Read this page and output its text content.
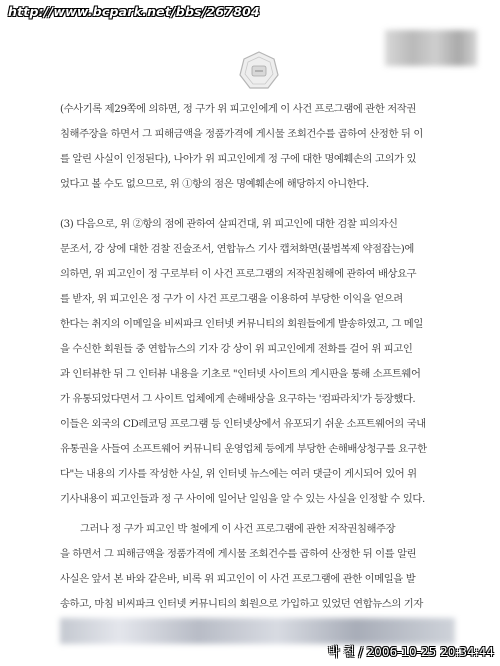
http://www.bcpark.net/bbs/267804
(수사기록 제29쪽에 의하면, 정 구가 위 피고인에게 이 사건 프로그램에 관한 저작권
침해주장을 하면서 그 피해금액을 정품가격에 게시물 조회건수를 곱하여 산정한 뒤 이
를 알린 사실이 인정된다), 나아가 위 피고인에게 정 구에 대한 명예훼손의 고의가 있
었다고 볼 수도 없으므로, 위 ①항의 점은 명예훼손에 해당하지 아니한다.
(3) 다음으로, 위 ②항의 점에 관하여 살피건대, 위 피고인에 대한 검찰 피의자신
문조서, 강 상에 대한 검찰 진술조서, 연합뉴스 기사 캡쳐화면(불법복제 약점잡는)에
의하면, 위 피고인이 정 구로부터 이 사건 프로그램의 저작권침해에 관하여 배상요구
를 받자, 위 피고인은 정 구가 이 사건 프로그램을 이용하여 부당한 이익을 얻으려
한다는 취지의 이메일을 비씨파크 인터넷 커뮤니티의 회원들에게 발송하였고, 그 메일
을 수신한 회원들 중 연합뉴스의 기자 강 상이 위 피고인에게 전화를 걸어 위 피고인
과 인터뷰한 뒤 그 인터뷰 내용을 기초로 "인터넷 사이트의 게시판을 통해 소프트웨어
가 유통되었다면서 그 사이트 업체에게 손해배상을 요구하는 '컴파라치'가 등장했다.
이들은 외국의 CD레코딩 프로그램 등 인터넷상에서 유포되기 쉬운 소프트웨어의 국내
유통권을 사들여 소프트웨어 커뮤니티 운영업체 등에게 부당한 손해배상청구를 요구한
다"는 내용의 기사를 작성한 사실, 위 인터넷 뉴스에는 여러 댓글이 게시되어 있어 위
기사내용이 피고인들과 정 구 사이에 일어난 일임을 알 수 있는 사실을 인정할 수 있다.
그러나 정 구가 피고인 박 철에게 이 사건 프로그램에 관한 저작권침해주장
을 하면서 그 피해금액을 정품가격에 게시물 조회건수를 곱하여 산정한 뒤 이를 알린
사실은 앞서 본 바와 같은바, 비록 위 피고인이 이 사건 프로그램에 관한 이메일을 발
송하고, 마침 비씨파크 인터넷 커뮤니티의 회원으로 가입하고 있었던 연합뉴스의 기자
박 철 / 2006-10-25 20:34:44
